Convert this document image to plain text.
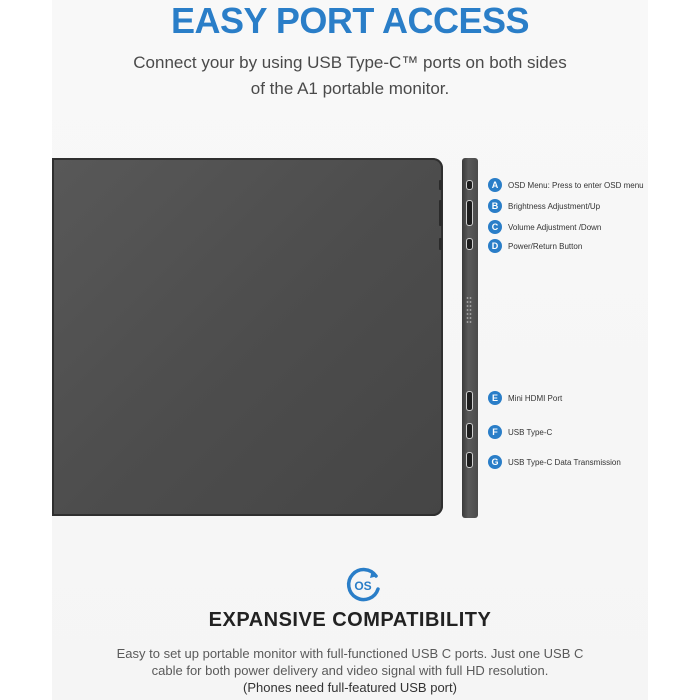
EASY PORT ACCESS
Connect your by using USB Type-C™ ports on both sides of the A1 portable monitor.
A	OSD Menu: Press to enter OSD menu
B	Brightness Adjustment/Up
C	Volume Adjustment /Down
D	Power/Return Button
E	Mini HDMI Port
F	USB Type-C
G	USB Type-C Data Transmission
OS
EXPANSIVE COMPATIBILITY
Easy to set up portable monitor with full-functioned USB C ports. Just one USB C cable for both power delivery and video signal with full HD resolution.
(Phones need full-featured USB port)
